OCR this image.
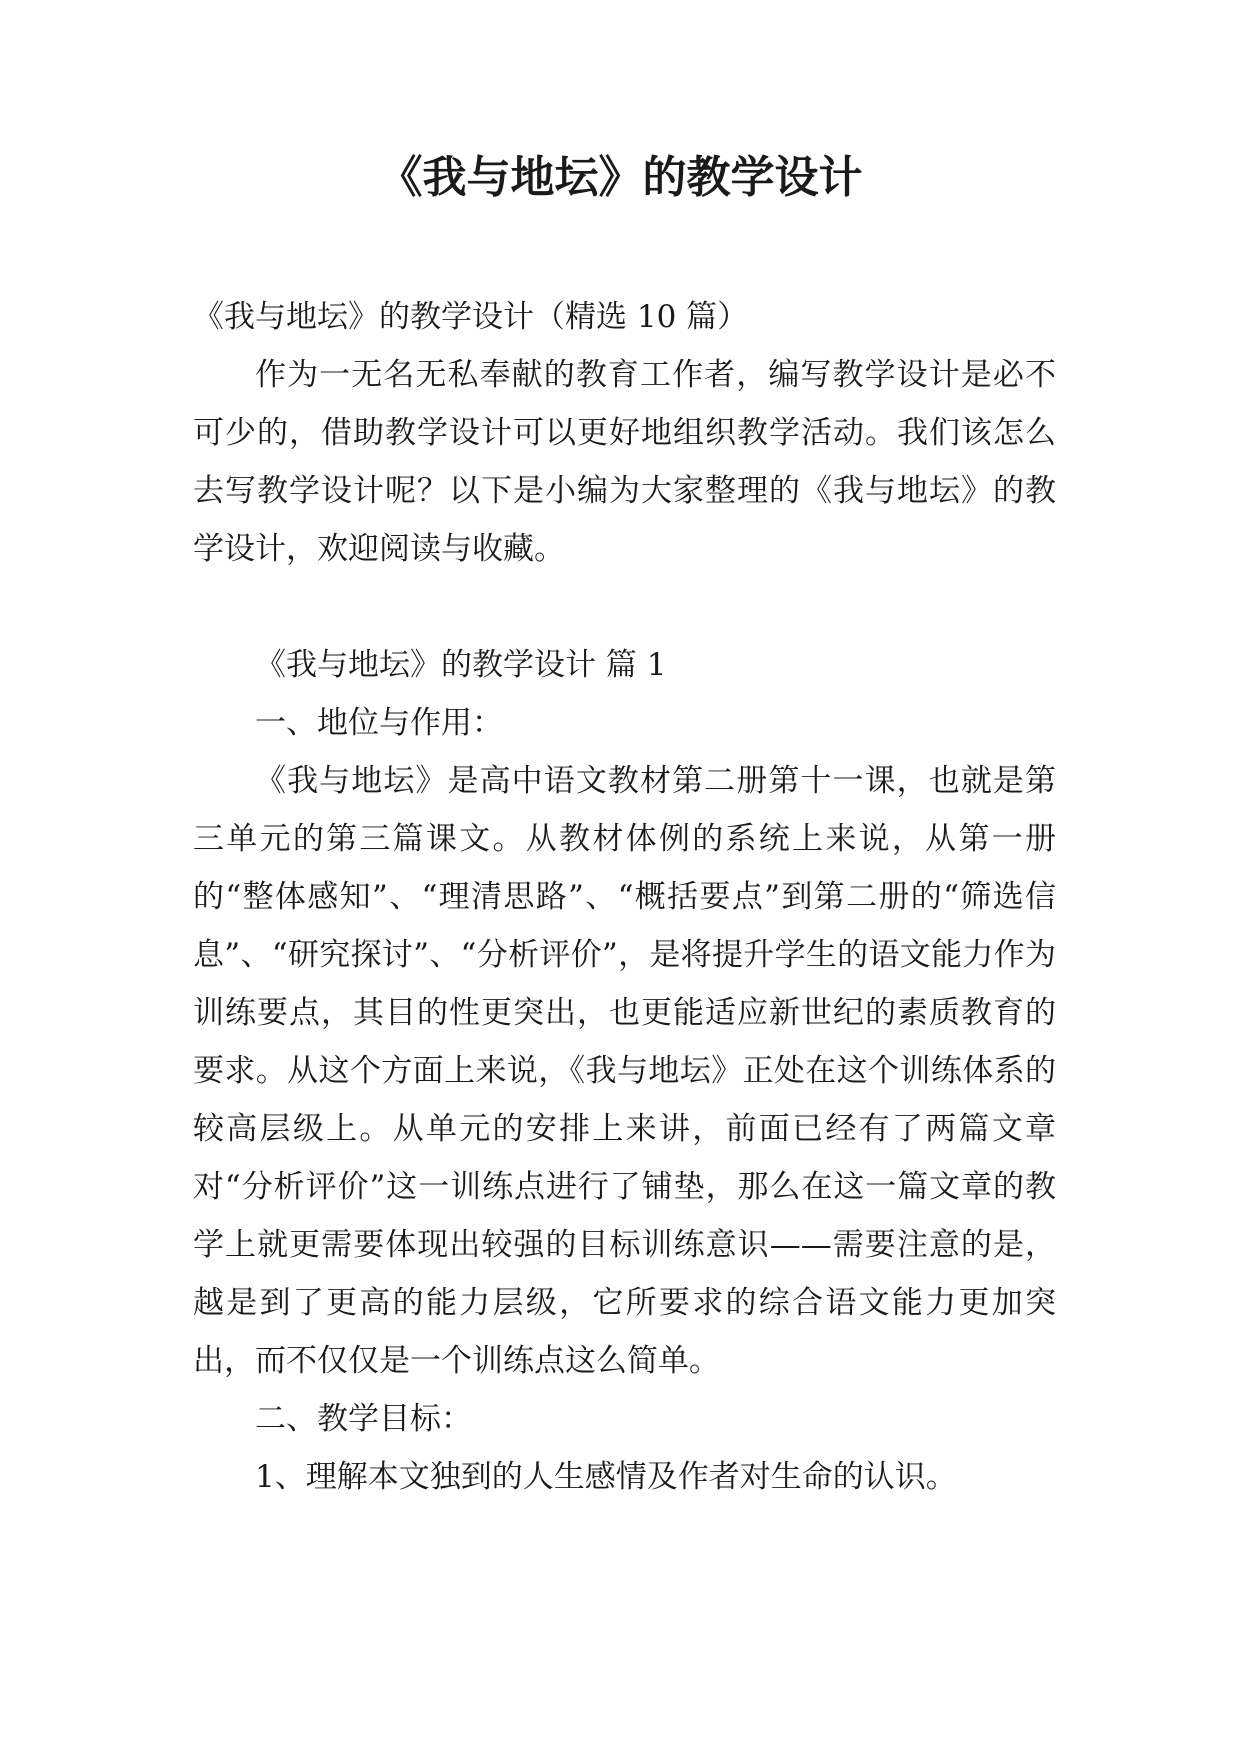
《我与地坛》的教学设计

《我与地坛》的教学设计（精选 10 篇）

作为一无名无私奉献的教育工作者，编写教学设计是必不可少的，借助教学设计可以更好地组织教学活动。我们该怎么去写教学设计呢？以下是小编为大家整理的《我与地坛》的教学设计，欢迎阅读与收藏。

《我与地坛》的教学设计 篇 1

一、地位与作用：

《我与地坛》是高中语文教材第二册第十一课，也就是第三单元的第三篇课文。从教材体例的系统上来说，从第一册的“整体感知”、“理清思路”、“概括要点”到第二册的“筛选信息”、“研究探讨”、“分析评价”，是将提升学生的语文能力作为训练要点，其目的性更突出，也更能适应新世纪的素质教育的要求。从这个方面上来说，《我与地坛》正处在这个训练体系的较高层级上。从单元的安排上来讲，前面已经有了两篇文章对“分析评价”这一训练点进行了铺垫，那么在这一篇文章的教学上就更需要体现出较强的目标训练意识——需要注意的是，越是到了更高的能力层级，它所要求的综合语文能力更加突出，而不仅仅是一个训练点这么简单。

二、教学目标：

1、理解本文独到的人生感情及作者对生命的认识。
